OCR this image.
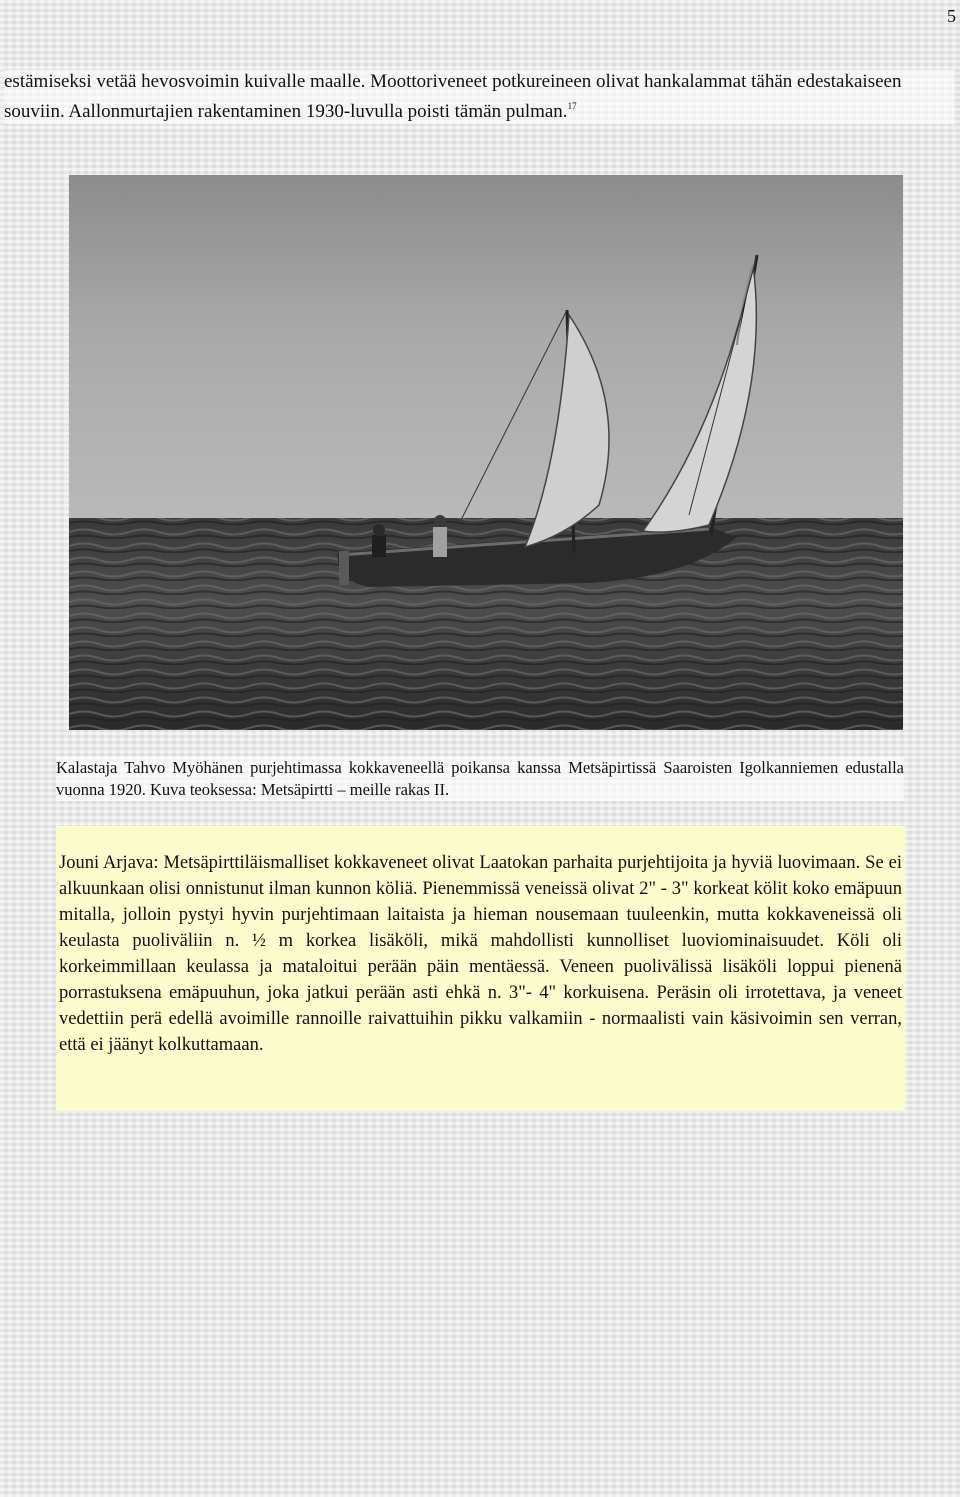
5

estämiseksi vetää hevosvoimin kuivalle maalle. Moottoriveneet potkureineen olivat hankalammat tähän edestakaiseen souviin. Aallonmurtajien rakentaminen 1930-luvulla poisti tämän pulman.$^{17}$

Kalastaja Tahvo Myöhänen purjehtimassa kokkaveneellä poikansa kanssa Metsäpirtissä Saaroisten Igolkanniemen edustalla vuonna 1920. Kuva teoksessa: Metsäpirtti – meille rakas II.

Jouni Arjava: Metsäpirttiläismalliset kokkaveneet olivat Laatokan parhaita purjehtijoita ja hyviä luovimaan. Se ei alkuunkaan olisi onnistunut ilman kunnon köliä. Pienemmissä veneissä olivat 2" - 3" korkeat kölit koko emäpuun mitalla, jolloin pystyi hyvin purjehtimaan laitaista ja hieman nousemaan tuuleenkin, mutta kokkaveneissä oli keulasta puoliväliin n. ½ m korkea lisäköli, mikä mahdollisti kunnolliset luoviominaisuudet. Köli oli korkeimmillaan keulassa ja mataloitui perään päin mentäessä. Veneen puolivälissä lisäköli loppui pienenä porrastuksena emäpuuhun, joka jatkui perään asti ehkä n. 3"- 4" korkuisena. Peräsin oli irrotettava, ja veneet vedettiin perä edellä avoimille rannoille raivattuihin pikku valkamiin - normaalisti vain käsivoimin sen verran, että ei jäänyt kolkuttamaan.
